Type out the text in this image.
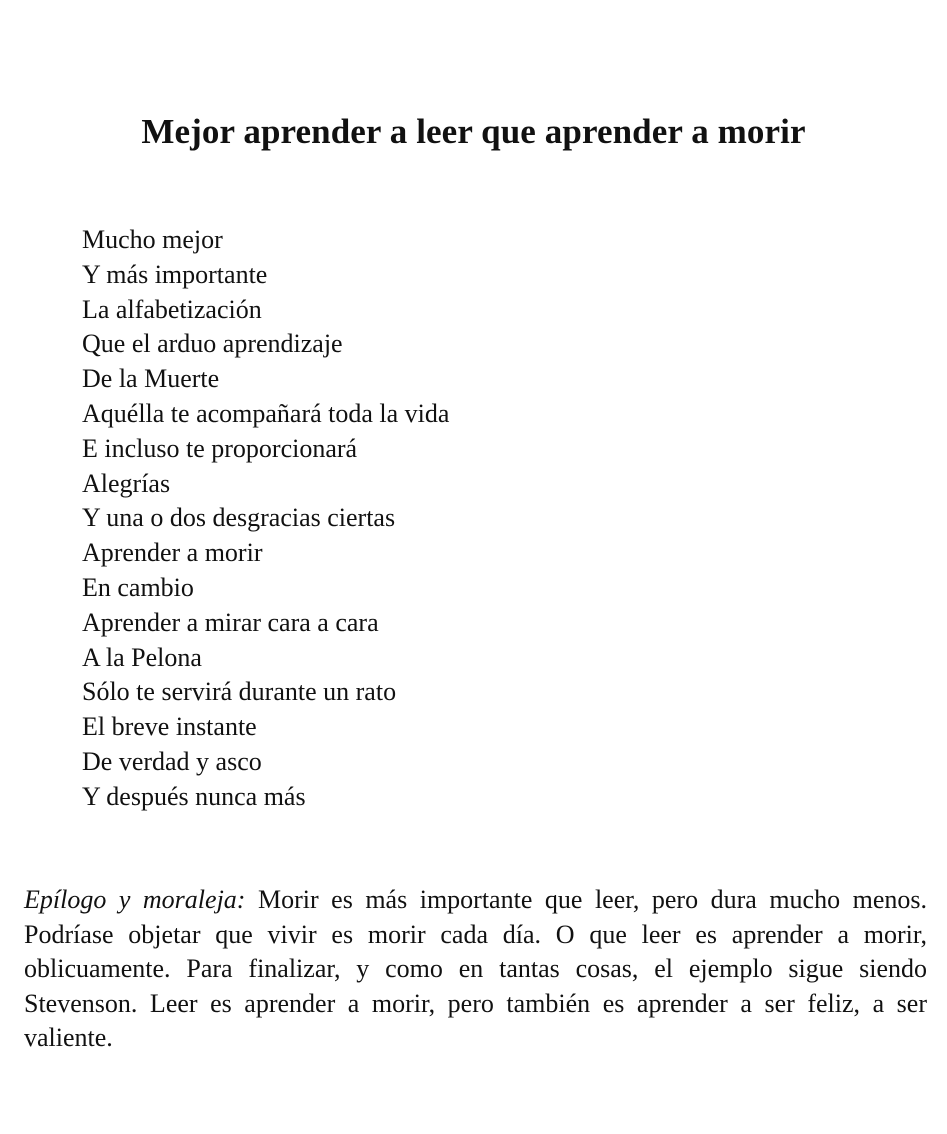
Mejor aprender a leer que aprender a morir
Mucho mejor
Y más importante
La alfabetización
Que el arduo aprendizaje
De la Muerte
Aquélla te acompañará toda la vida
E incluso te proporcionará
Alegrías
Y una o dos desgracias ciertas
Aprender a morir
En cambio
Aprender a mirar cara a cara
A la Pelona
Sólo te servirá durante un rato
El breve instante
De verdad y asco
Y después nunca más

Epílogo y moraleja: Morir es más importante que leer, pero dura mucho menos. Podríase objetar que vivir es morir cada día. O que leer es aprender a morir, oblicuamente. Para finalizar, y como en tantas cosas, el ejemplo sigue siendo Stevenson. Leer es aprender a morir, pero también es aprender a ser feliz, a ser valiente.
